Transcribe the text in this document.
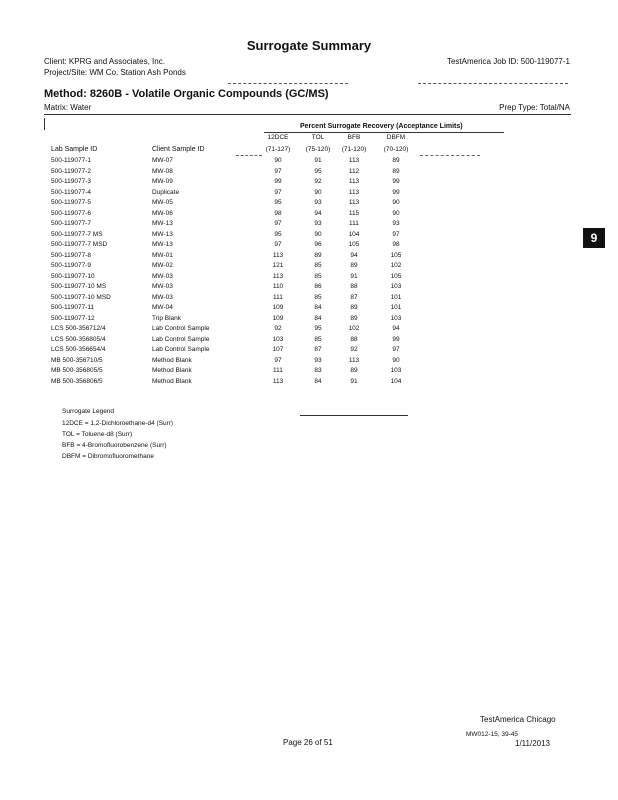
Surrogate Summary
Client: KPRG and Associates, Inc.
Project/Site: WM Co. Station Ash Ponds
TestAmerica Job ID: 500-119077-1
Method: 8260B - Volatile Organic Compounds (GC/MS)
Matrix: Water	Prep Type: Total/NA
Percent Surrogate Recovery (Acceptance Limits)
12DCE	TOL	BFB	DBFM
Lab Sample ID	Client Sample ID	(71-127)	(75-120)	(71-120)	(70-120)
500-119077-1	MW-07	90	91	113	89
500-119077-2	MW-08	97	95	112	89
500-119077-3	MW-09	99	92	113	99
500-119077-4	Duplicate	97	90	113	99
500-119077-5	MW-05	95	93	113	90
500-119077-6	MW-06	98	94	115	90
500-119077-7	MW-13	97	93	111	93
500-119077-7 MS	MW-13	95	90	104	97
500-119077-7 MSD	MW-13	97	96	105	98
500-119077-8	MW-01	113	89	94	105
500-119077-9	MW-02	121	85	89	102
500-119077-10	MW-03	113	85	91	105
500-119077-10 MS	MW-03	110	86	88	103
500-119077-10 MSD	MW-03	111	85	87	101
500-119077-11	MW-04	109	84	89	101
500-119077-12	Trip Blank	109	84	89	103
LCS 500-356712/4	Lab Control Sample	92	95	102	94
LCS 500-356805/4	Lab Control Sample	103	85	88	99
LCS 500-356654/4	Lab Control Sample	107	87	92	97
MB 500-356710/5	Method Blank	97	93	113	90
MB 500-356805/5	Method Blank	111	83	89	103
MB 500-356806/5	Method Blank	113	84	91	104
Surrogate Legend
12DCE = 1,2-Dichloroethane-d4 (Surr)
TOL = Toluene-d8 (Surr)
BFB = 4-Bromofluorobenzene (Surr)
DBFM = Dibromofluoromethane
9
TestAmerica Chicago
MW012-15, 39-45
Page 26 of 51	1/11/2013
